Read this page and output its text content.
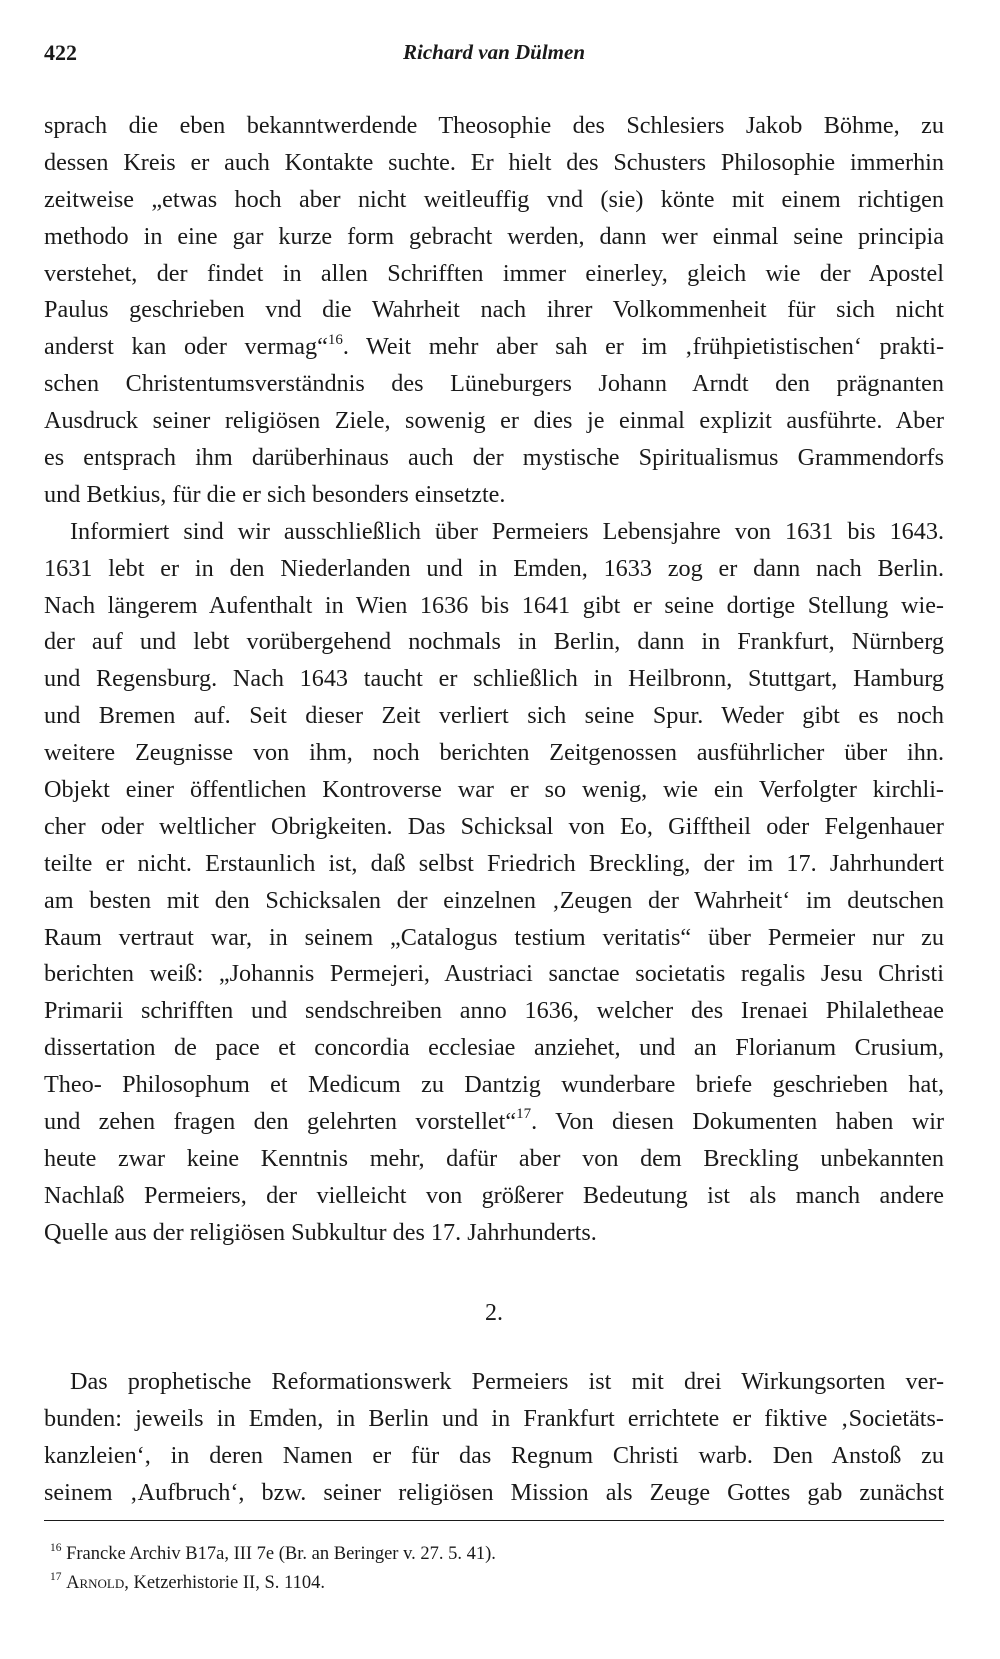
422	Richard van Dülmen
sprach die eben bekanntwerdende Theosophie des Schlesiers Jakob Böhme, zu
dessen Kreis er auch Kontakte suchte. Er hielt des Schusters Philosophie immerhin
zeitweise „etwas hoch aber nicht weitleuffig vnd (sie) könte mit einem richtigen
methodo in eine gar kurze form gebracht werden, dann wer einmal seine principia
verstehet, der findet in allen Schrifften immer einerley, gleich wie der Apostel
Paulus geschrieben vnd die Wahrheit nach ihrer Volkommenheit für sich nicht
anderst kan oder vermag“$^{16}$. Weit mehr aber sah er im ‚frühpietistischen‘ prakti-
schen Christentumsverständnis des Lüneburgers Johann Arndt den prägnanten
Ausdruck seiner religiösen Ziele, sowenig er dies je einmal explizit ausführte. Aber
es entsprach ihm darüberhinaus auch der mystische Spiritualismus Grammendorfs
und Betkius, für die er sich besonders einsetzte.
Informiert sind wir ausschließlich über Permeiers Lebensjahre von 1631 bis 1643.
1631 lebt er in den Niederlanden und in Emden, 1633 zog er dann nach Berlin.
Nach längerem Aufenthalt in Wien 1636 bis 1641 gibt er seine dortige Stellung wie-
der auf und lebt vorübergehend nochmals in Berlin, dann in Frankfurt, Nürnberg
und Regensburg. Nach 1643 taucht er schließlich in Heilbronn, Stuttgart, Hamburg
und Bremen auf. Seit dieser Zeit verliert sich seine Spur. Weder gibt es noch
weitere Zeugnisse von ihm, noch berichten Zeitgenossen ausführlicher über ihn.
Objekt einer öffentlichen Kontroverse war er so wenig, wie ein Verfolgter kirchli-
cher oder weltlicher Obrigkeiten. Das Schicksal von Eo, Gifftheil oder Felgenhauer
teilte er nicht. Erstaunlich ist, daß selbst Friedrich Breckling, der im 17. Jahrhundert
am besten mit den Schicksalen der einzelnen ‚Zeugen der Wahrheit‘ im deutschen
Raum vertraut war, in seinem „Catalogus testium veritatis“ über Permeier nur zu
berichten weiß: „Johannis Permejeri, Austriaci sanctae societatis regalis Jesu Christi
Primarii schrifften und sendschreiben anno 1636, welcher des Irenaei Philaletheae
dissertation de pace et concordia ecclesiae anziehet, und an Florianum Crusium,
Theo- Philosophum et Medicum zu Dantzig wunderbare briefe geschrieben hat,
und zehen fragen den gelehrten vorstellet“$^{17}$. Von diesen Dokumenten haben wir
heute zwar keine Kenntnis mehr, dafür aber von dem Breckling unbekannten
Nachlaß Permeiers, der vielleicht von größerer Bedeutung ist als manch andere
Quelle aus der religiösen Subkultur des 17. Jahrhunderts.
2.
Das prophetische Reformationswerk Permeiers ist mit drei Wirkungsorten ver-
bunden: jeweils in Emden, in Berlin und in Frankfurt errichtete er fiktive ‚Societäts-
kanzleien‘, in deren Namen er für das Regnum Christi warb. Den Anstoß zu
seinem ‚Aufbruch‘, bzw. seiner religiösen Mission als Zeuge Gottes gab zunächst
$^{16}$ Francke Archiv B17a, III 7e (Br. an Beringer v. 27. 5. 41).
$^{17}$ Arnold, Ketzerhistorie II, S. 1104.
